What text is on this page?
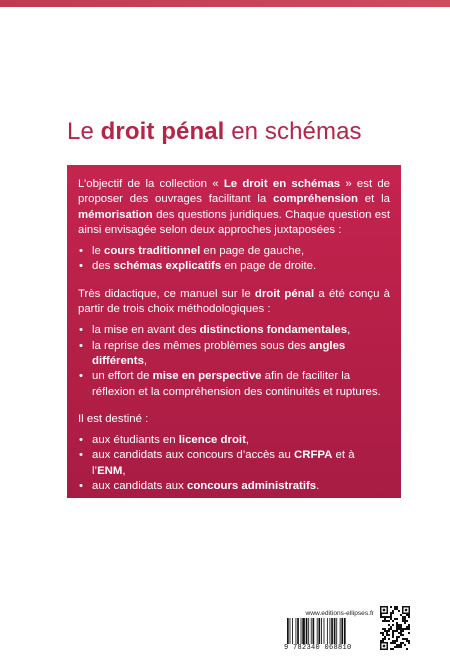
Le droit pénal en schémas

L’objectif de la collection « Le droit en schémas » est de proposer des ouvrages facilitant la compréhension et la mémorisation des questions juridiques. Chaque question est ainsi envisagée selon deux approches juxtaposées :

• le cours traditionnel en page de gauche,
• des schémas explicatifs en page de droite.

Très didactique, ce manuel sur le droit pénal a été conçu à partir de trois choix méthodologiques :

• la mise en avant des distinctions fondamentales,
• la reprise des mêmes problèmes sous des angles différents,
• un effort de mise en perspective afin de faciliter la réflexion et la compréhension des continuités et ruptures.

Il est destiné :

• aux étudiants en licence droit,
• aux candidats aux concours d’accès au CRFPA et à l’ENM,
• aux candidats aux concours administratifs.
www.editions-ellipses.fr
9 782340 068810
